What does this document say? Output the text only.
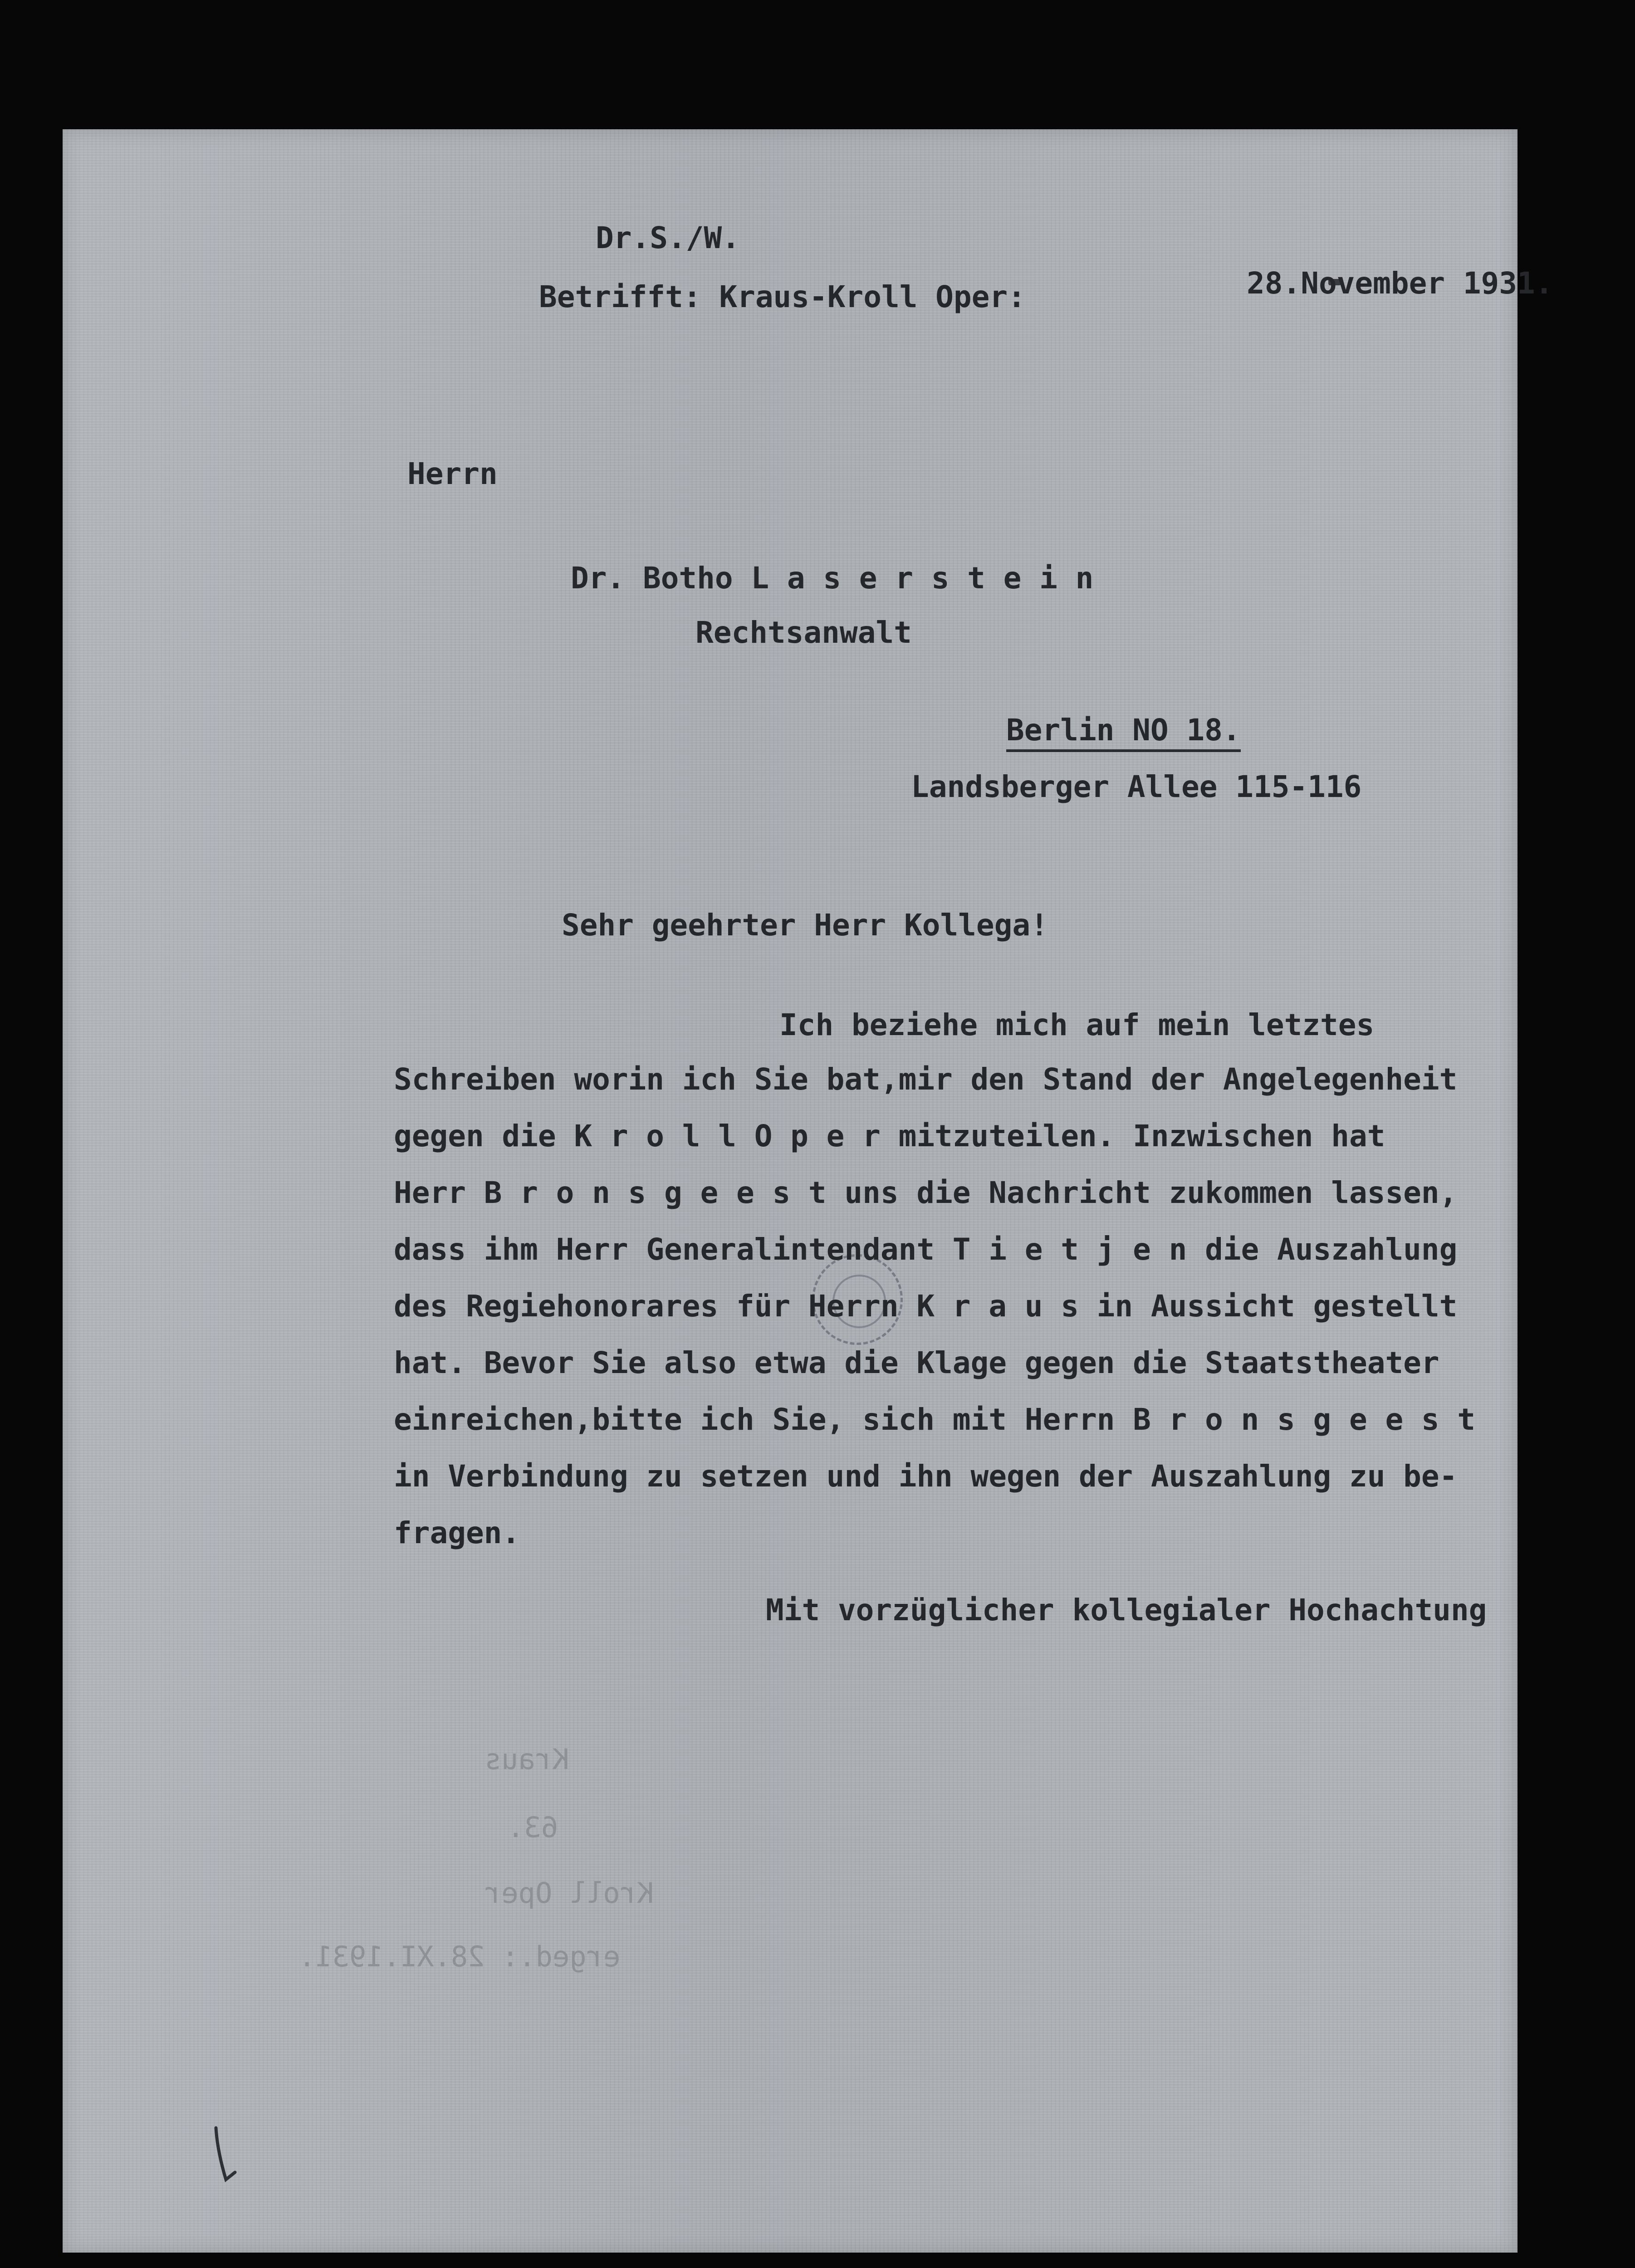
Dr.S./W.

Betrifft: Kraus-Kroll Oper:	28.November 1931.

Herrn

Dr. Botho L a s e r s t e i n

Rechtsanwalt

Berlin NO 18.

Landsberger Allee 115-116

Sehr geehrter Herr Kollega!

Ich beziehe mich auf mein letztes

Schreiben worin ich Sie bat,mir den Stand der Angelegenheit

gegen die K r o l l O p e r mitzuteilen. Inzwischen hat

Herr B r o n s g e e s t uns die Nachricht zukommen lassen,

dass ihm Herr Generalintendant T i e t j e n die Auszahlung

des Regiehonorares für Herrn K r a u s in Aussicht gestellt

hat. Bevor Sie also etwa die Klage gegen die Staatstheater

einreichen,bitte ich Sie, sich mit Herrn B r o n s g e e s t

in Verbindung zu setzen und ihn wegen der Auszahlung zu be-

fragen.

Mit vorzüglicher kollegialer Hochachtung

Kraus

63.

Kroll Oper

erged.: 28.XI.1931.
